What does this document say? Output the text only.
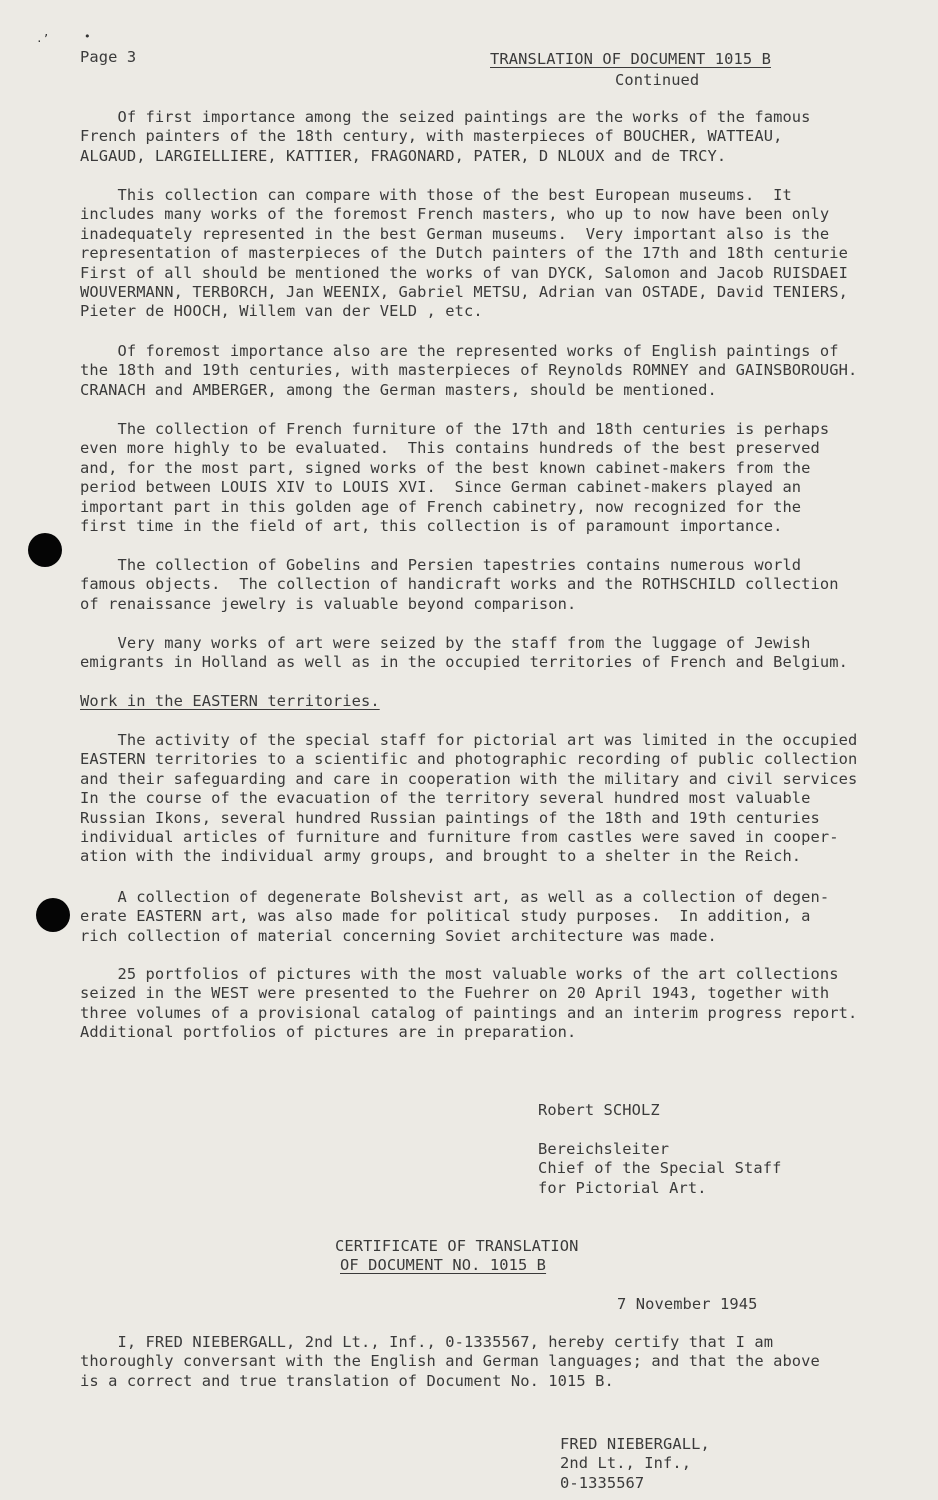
.’	•
Page 3	TRANSLATION OF DOCUMENT 1015 B
Continued
Of first importance among the seized paintings are the works of the famous
French painters of the 18th century, with masterpieces of BOUCHER, WATTEAU,
ALGAUD, LARGIELLIERE, KATTIER, FRAGONARD, PATER, D NLOUX and de TRCY.
This collection can compare with those of the best European museums.  It
includes many works of the foremost French masters, who up to now have been only
inadequately represented in the best German museums.  Very important also is the
representation of masterpieces of the Dutch painters of the 17th and 18th centurie
First of all should be mentioned the works of van DYCK, Salomon and Jacob RUISDAEI
WOUVERMANN, TERBORCH, Jan WEENIX, Gabriel METSU, Adrian van OSTADE, David TENIERS,
Pieter de HOOCH, Willem van der VELD , etc.
Of foremost importance also are the represented works of English paintings of
the 18th and 19th centuries, with masterpieces of Reynolds ROMNEY and GAINSBOROUGH.
CRANACH and AMBERGER, among the German masters, should be mentioned.
The collection of French furniture of the 17th and 18th centuries is perhaps
even more highly to be evaluated.  This contains hundreds of the best preserved
and, for the most part, signed works of the best known cabinet-makers from the
period between LOUIS XIV to LOUIS XVI.  Since German cabinet-makers played an
important part in this golden age of French cabinetry, now recognized for the
first time in the field of art, this collection is of paramount importance.
The collection of Gobelins and Persien tapestries contains numerous world
famous objects.  The collection of handicraft works and the ROTHSCHILD collection
of renaissance jewelry is valuable beyond comparison.
Very many works of art were seized by the staff from the luggage of Jewish
emigrants in Holland as well as in the occupied territories of French and Belgium.
Work in the EASTERN territories.
The activity of the special staff for pictorial art was limited in the occupied
EASTERN territories to a scientific and photographic recording of public collection
and their safeguarding and care in cooperation with the military and civil services
In the course of the evacuation of the territory several hundred most valuable
Russian Ikons, several hundred Russian paintings of the 18th and 19th centuries
individual articles of furniture and furniture from castles were saved in cooper-
ation with the individual army groups, and brought to a shelter in the Reich.
A collection of degenerate Bolshevist art, as well as a collection of degen-
erate EASTERN art, was also made for political study purposes.  In addition, a
rich collection of material concerning Soviet architecture was made.
25 portfolios of pictures with the most valuable works of the art collections
seized in the WEST were presented to the Fuehrer on 20 April 1943, together with
three volumes of a provisional catalog of paintings and an interim progress report.
Additional portfolios of pictures are in preparation.
Robert SCHOLZ
Bereichsleiter
Chief of the Special Staff
for Pictorial Art.
CERTIFICATE OF TRANSLATION
OF DOCUMENT NO. 1015 B
7 November 1945
I, FRED NIEBERGALL, 2nd Lt., Inf., 0-1335567, hereby certify that I am
thoroughly conversant with the English and German languages; and that the above
is a correct and true translation of Document No. 1015 B.
FRED NIEBERGALL,
2nd Lt., Inf.,
0-1335567
